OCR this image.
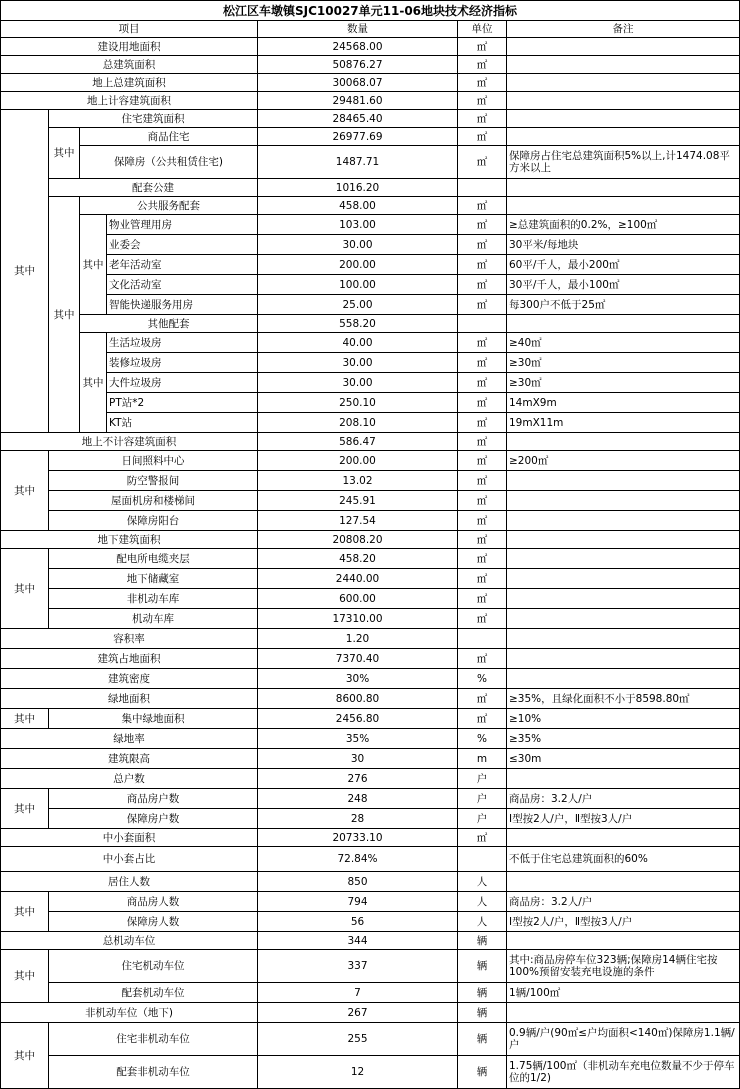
松江区车墩镇SJC10027单元11-06地块技术经济指标						
项目				数量	单位	备注
建设用地面积				24568.00	㎡	
总建筑面积				50876.27	㎡	
地上总建筑面积				30068.07	㎡	
地上计容建筑面积				29481.60	㎡	
其中	住宅建筑面积			28465.40	㎡	
	其中	商品住宅		26977.69	㎡	
		保障房（公共租赁住宅)		1487.71	㎡	保障房占住宅总建筑面积5%以上,计1474.08平方米以上
	配套公建			1016.20		
	其中	公共服务配套		458.00	㎡	
		其中	物业管理用房	103.00	㎡	≥总建筑面积的0.2%，≥100㎡
			业委会	30.00	㎡	30平米/每地块
			老年活动室	200.00	㎡	60平/千人，最小200㎡
			文化活动室	100.00	㎡	30平/千人，最小100㎡
			智能快递服务用房	25.00	㎡	每300户不低于25㎡
		其他配套		558.20		
		其中	生活垃圾房	40.00	㎡	≥40㎡
			装修垃圾房	30.00	㎡	≥30㎡
			大件垃圾房	30.00	㎡	≥30㎡
			PT站*2	250.10	㎡	14mX9m
			KT站	208.10	㎡	19mX11m
地上不计容建筑面积				586.47	㎡	
其中	日间照料中心			200.00	㎡	≥200㎡
	防空警报间			13.02	㎡	
	屋面机房和楼梯间			245.91	㎡	
	保障房阳台			127.54	㎡	
地下建筑面积				20808.20	㎡	
其中	配电所电缆夹层			458.20	㎡	
	地下储藏室			2440.00	㎡	
	非机动车库			600.00	㎡	
	机动车库			17310.00	㎡	
容积率				1.20		
建筑占地面积				7370.40	㎡	
建筑密度				30%	%	
绿地面积				8600.80	㎡	≥35%，且绿化面积不小于8598.80㎡
其中	集中绿地面积			2456.80	㎡	≥10%
绿地率				35%	%	≥35%
建筑限高				30	m	≤30m
总户数				276	户	
其中	商品房户数			248	户	商品房：3.2人/户
	保障房户数			28	户	Ⅰ型按2人/户，Ⅱ型按3人/户
中小套面积				20733.10	㎡	
中小套占比				72.84%		不低于住宅总建筑面积的60%
居住人数				850	人	
其中	商品房人数			794	人	商品房：3.2人/户
	保障房人数			56	人	Ⅰ型按2人/户，Ⅱ型按3人/户
总机动车位				344	辆	
其中	住宅机动车位			337	辆	其中:商品房停车位323辆;保障房14辆住宅按100%预留安装充电设施的条件
	配套机动车位			7	辆	1辆/100㎡
非机动车位（地下)				267	辆	
其中	住宅非机动车位			255	辆	0.9辆/户(90㎡≤户均面积<140㎡)保障房1.1辆/户
	配套非机动车位			12	辆	1.75辆/100㎡（非机动车充电位数量不少于停车位的1/2)
